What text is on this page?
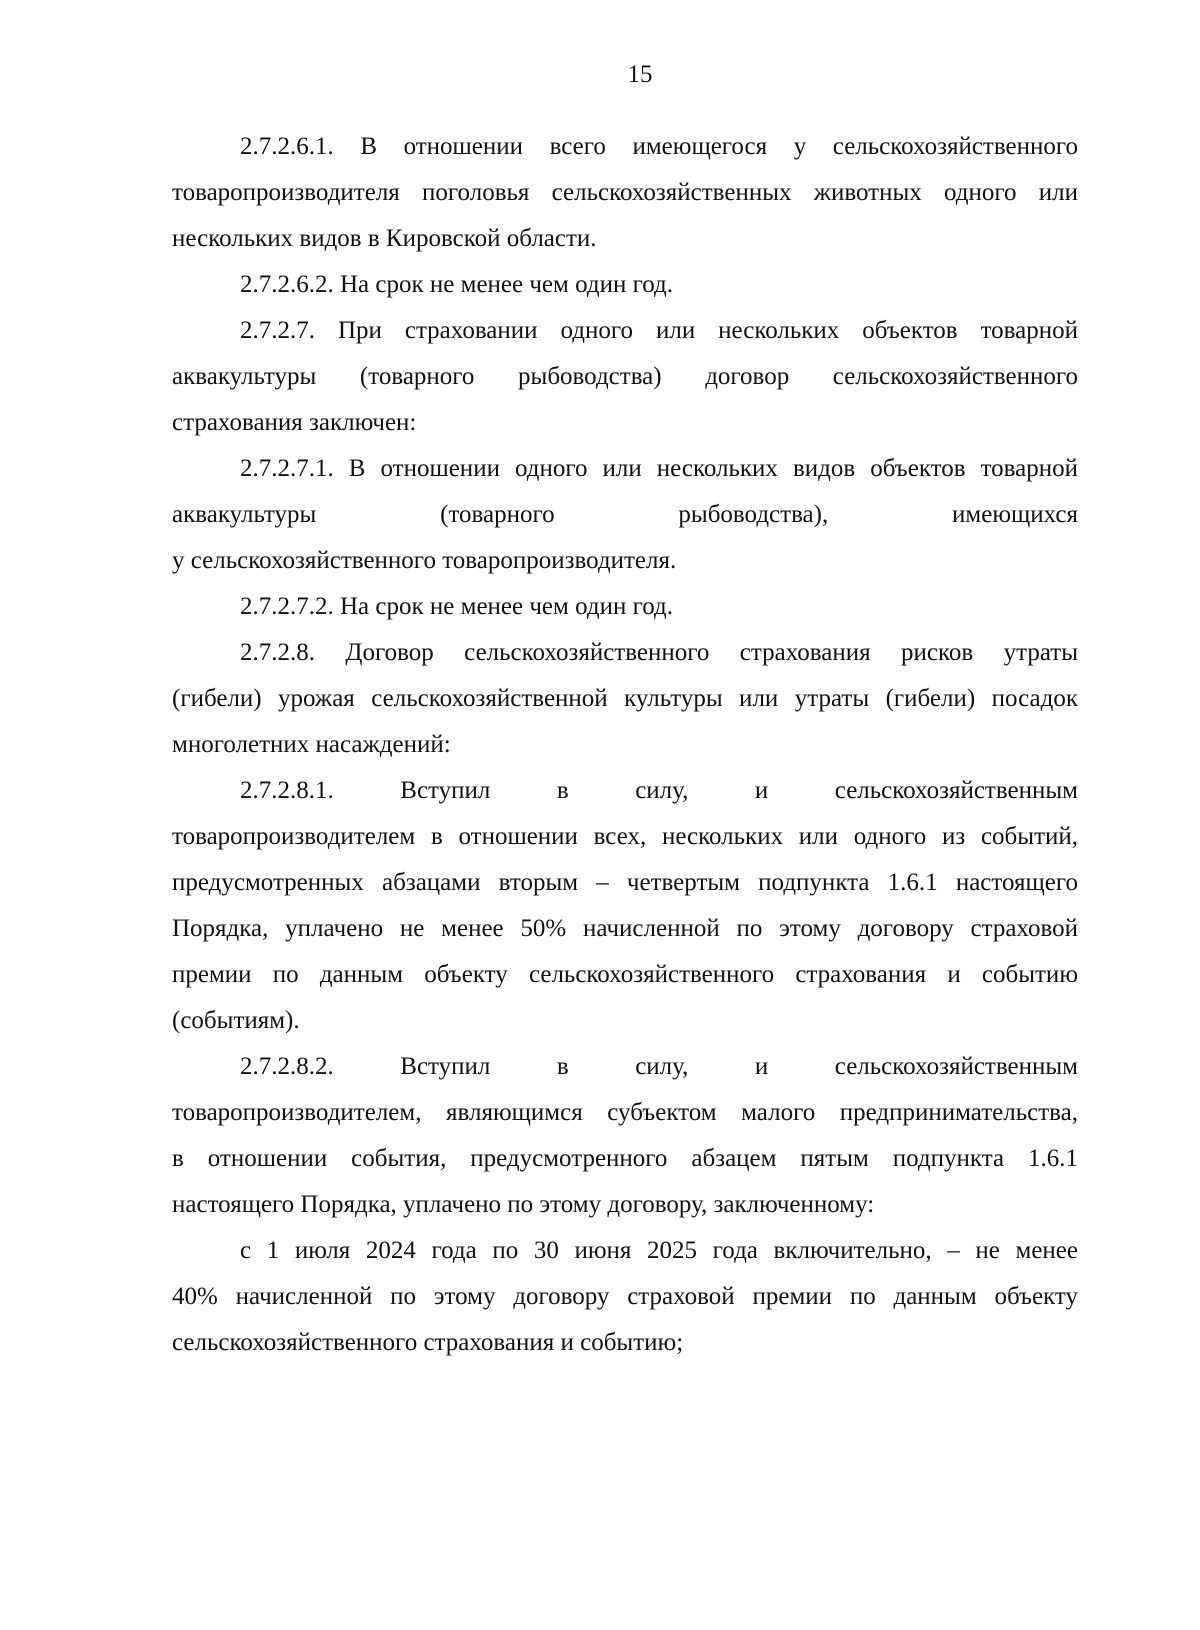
15
2.7.2.6.1. В отношении всего имеющегося у сельскохозяйственного
товаропроизводителя поголовья сельскохозяйственных животных одного или
нескольких видов в Кировской области.
2.7.2.6.2. На срок не менее чем один год.
2.7.2.7. При страховании одного или нескольких объектов товарной
аквакультуры (товарного рыбоводства) договор сельскохозяйственного
страхования заключен:
2.7.2.7.1. В отношении одного или нескольких видов объектов товарной
аквакультуры (товарного рыбоводства), имеющихся
у сельскохозяйственного товаропроизводителя.
2.7.2.7.2. На срок не менее чем один год.
2.7.2.8. Договор сельскохозяйственного страхования рисков утраты
(гибели) урожая сельскохозяйственной культуры или утраты (гибели) посадок
многолетних насаждений:
2.7.2.8.1. Вступил в силу, и сельскохозяйственным
товаропроизводителем в отношении всех, нескольких или одного из событий,
предусмотренных абзацами вторым – четвертым подпункта 1.6.1 настоящего
Порядка, уплачено не менее 50% начисленной по этому договору страховой
премии по данным объекту сельскохозяйственного страхования и событию
(событиям).
2.7.2.8.2. Вступил в силу, и сельскохозяйственным
товаропроизводителем, являющимся субъектом малого предпринимательства,
в отношении события, предусмотренного абзацем пятым подпункта 1.6.1
настоящего Порядка, уплачено по этому договору, заключенному:
с 1 июля 2024 года по 30 июня 2025 года включительно, – не менее
40% начисленной по этому договору страховой премии по данным объекту
сельскохозяйственного страхования и событию;
